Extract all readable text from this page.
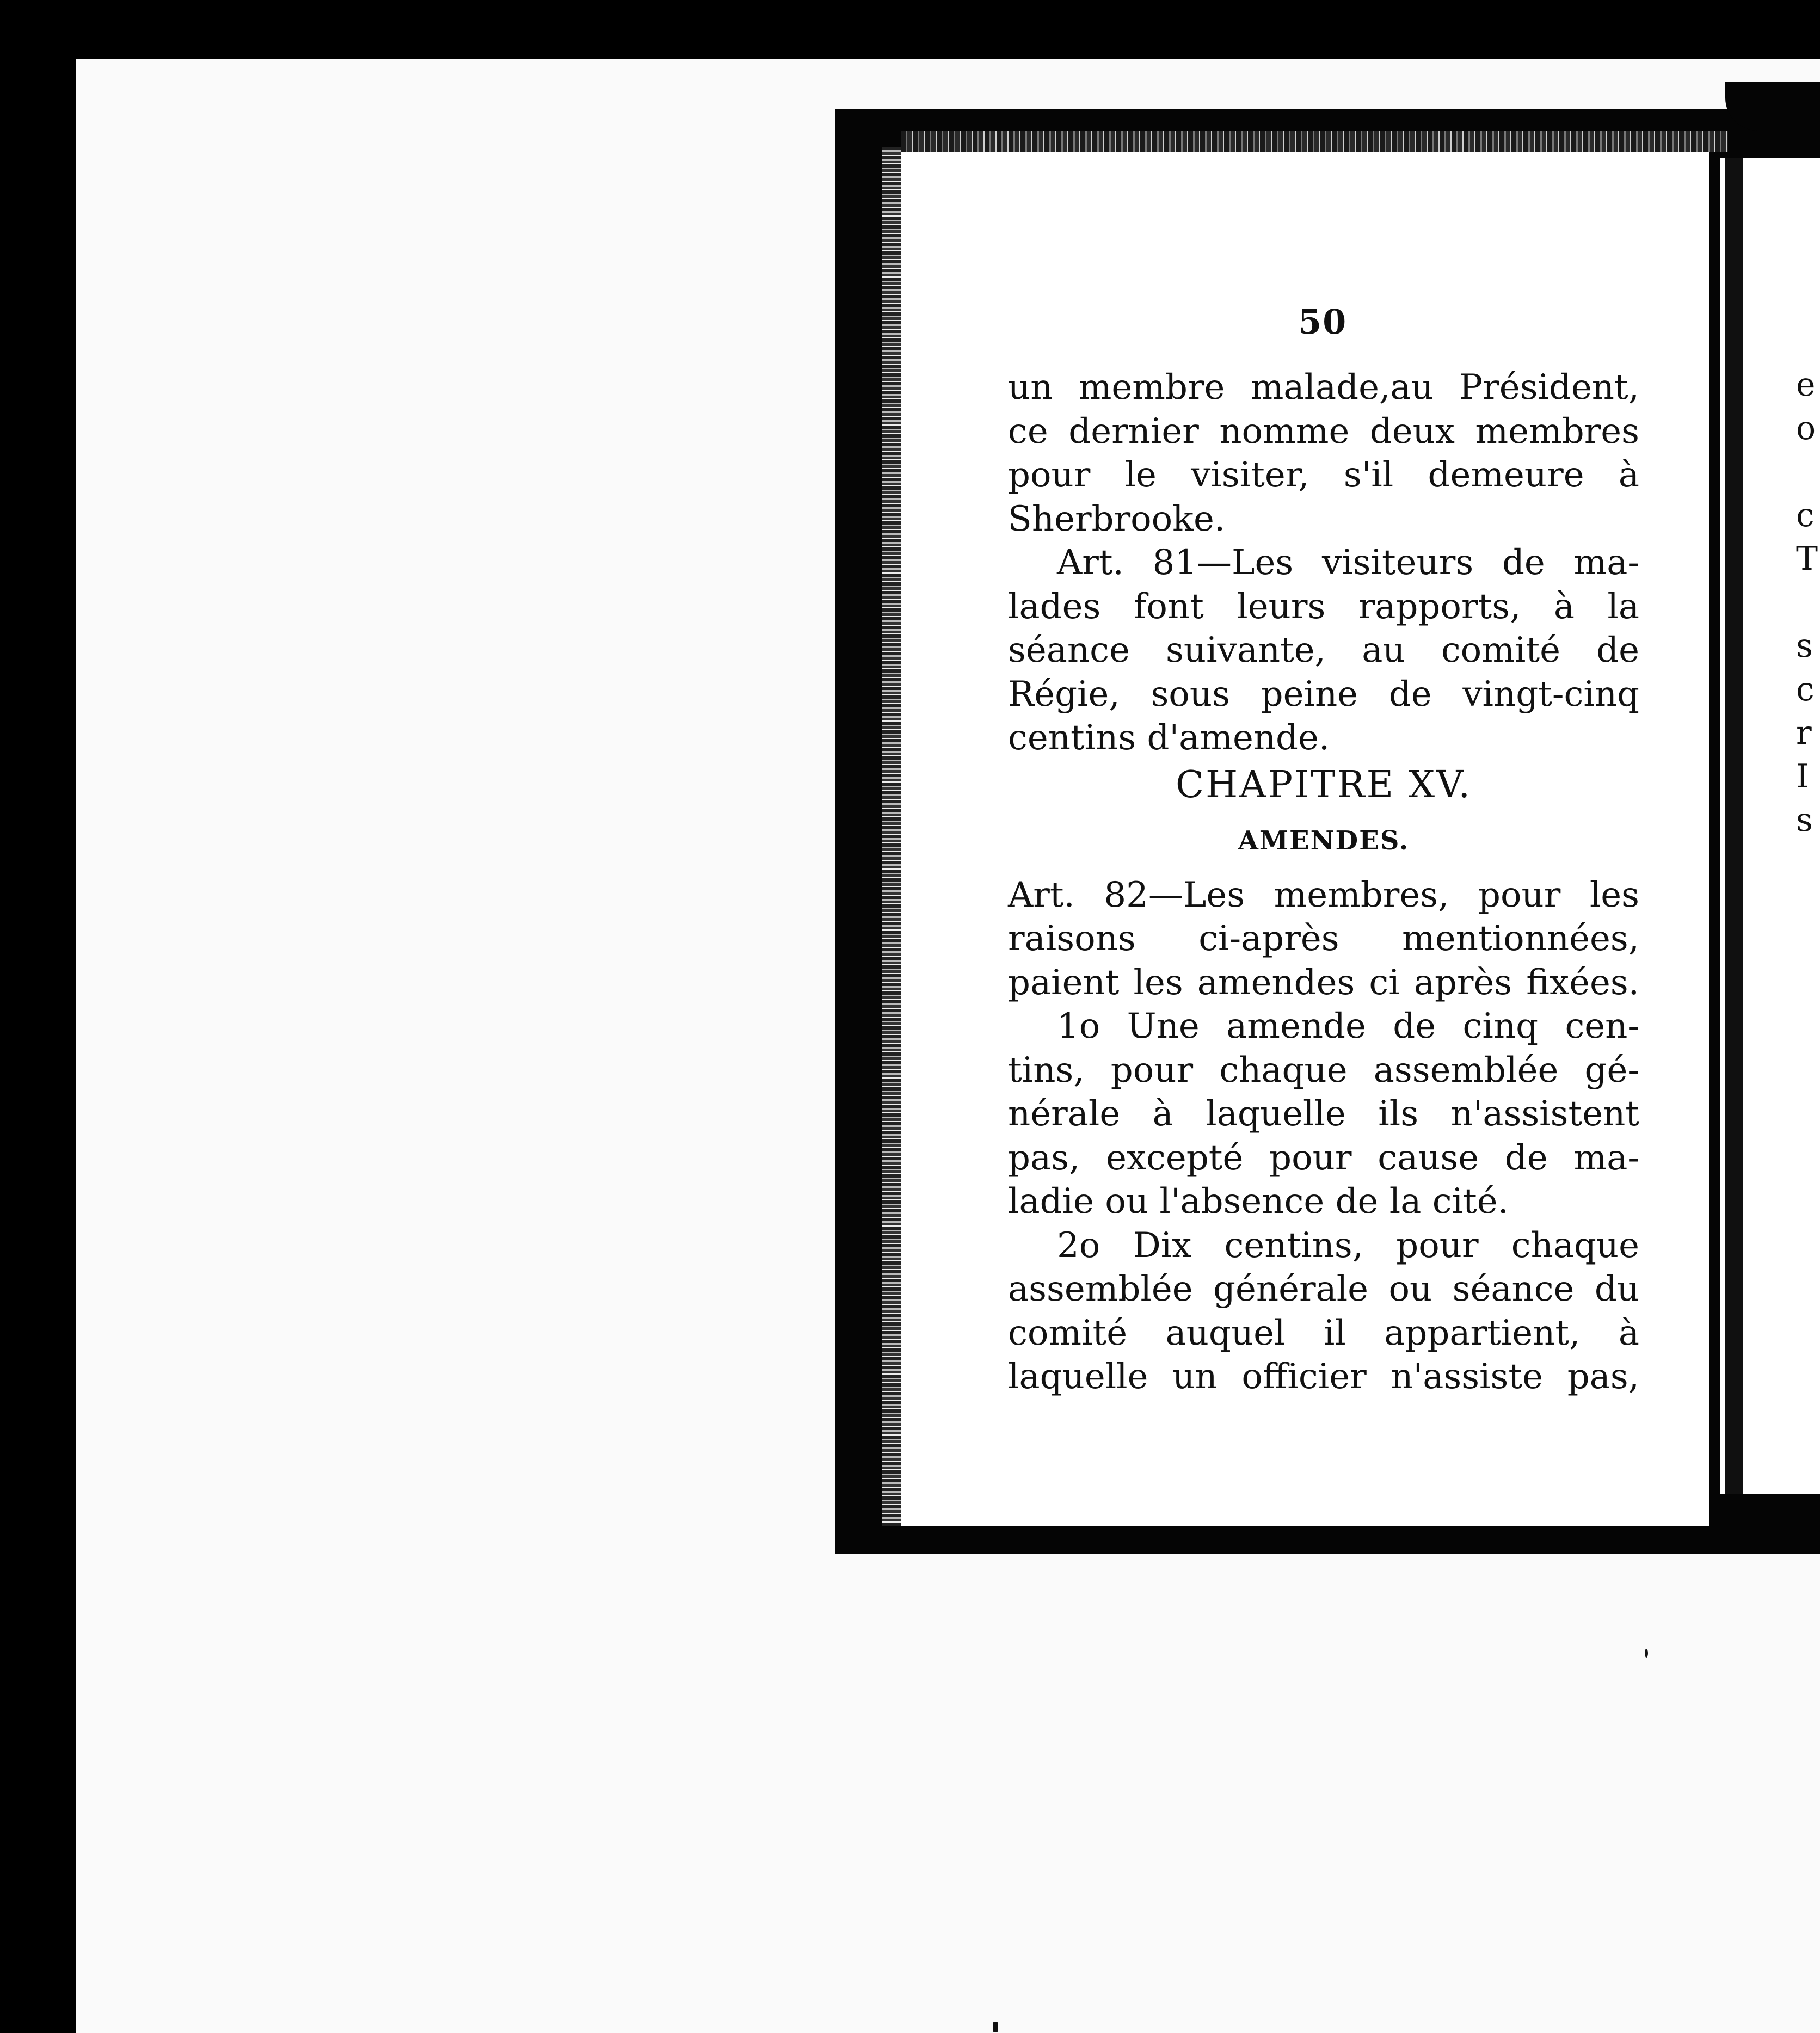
50
un membre malade,au Président,
ce dernier nomme deux membres
pour le visiter, s'il demeure à
Sherbrooke.
Art. 81—Les visiteurs de ma-
lades font leurs rapports, à la
séance suivante, au comité de
Régie, sous peine de vingt-cinq
centins d'amende.
CHAPITRE XV.
AMENDES.
Art. 82—Les membres, pour les
raisons ci-après mentionnées,
paient les amendes ci après fixées.
1o Une amende de cinq cen-
tins, pour chaque assemblée gé-
nérale à laquelle ils n'assistent
pas, excepté pour cause de ma-
ladie ou l'absence de la cité.
2o Dix centins, pour chaque
assemblée générale ou séance du
comité auquel il appartient, à
laquelle un officier n'assiste pas,
e
o
c
T
s
c
r
I
s
